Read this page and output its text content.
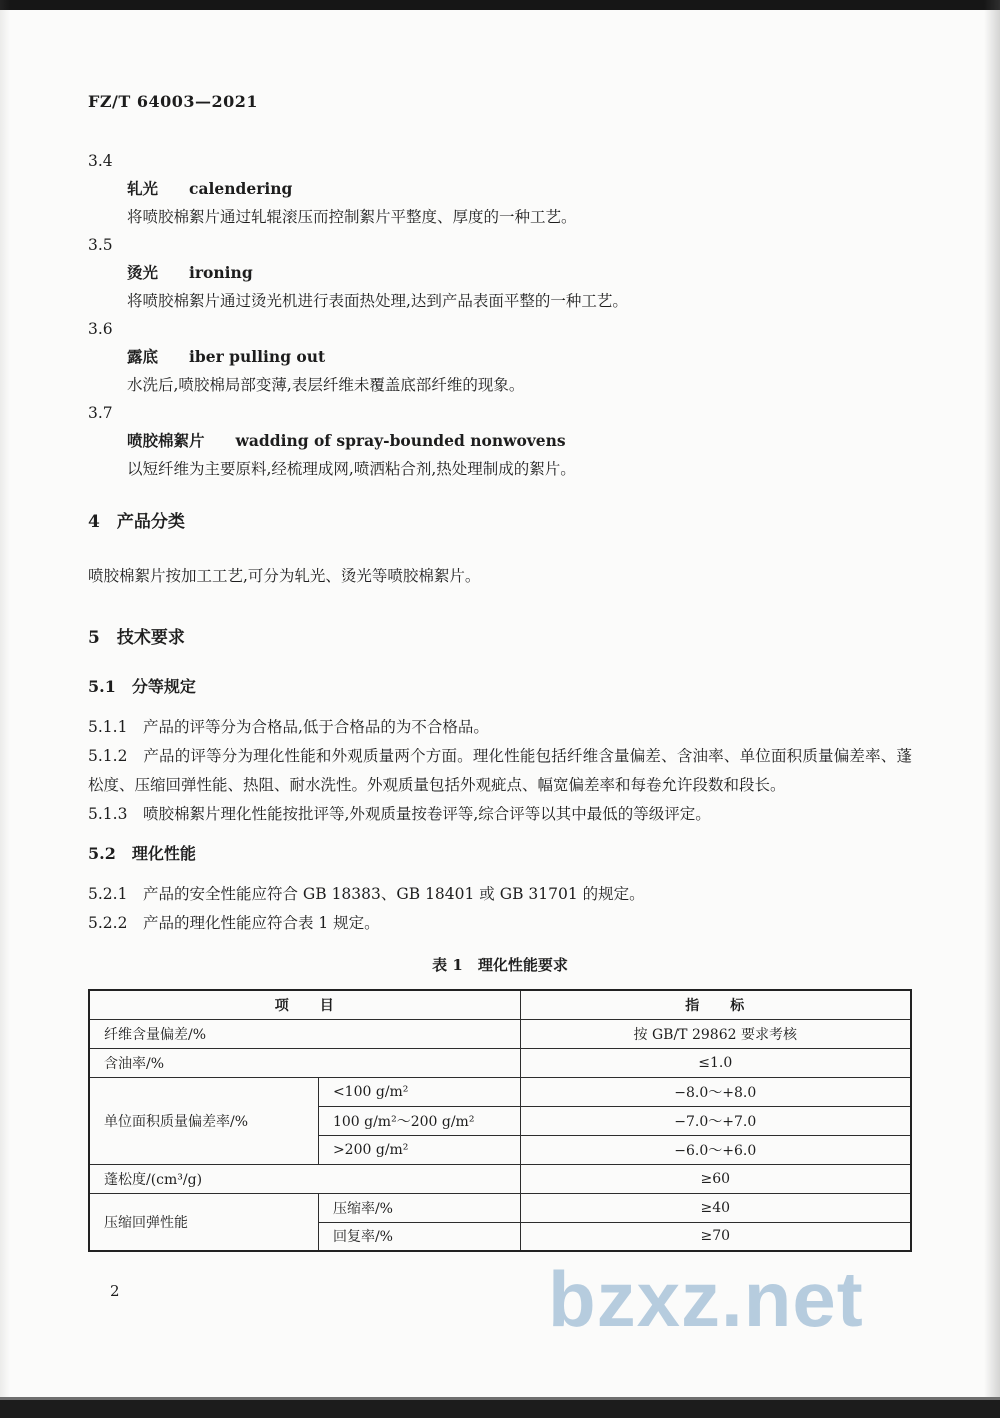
FZ/T 64003—2021
3.4
轧光　　calendering
将喷胶棉絮片通过轧辊滚压而控制絮片平整度、厚度的一种工艺。
3.5
烫光　　ironing
将喷胶棉絮片通过烫光机进行表面热处理,达到产品表面平整的一种工艺。
3.6
露底　　iber pulling out
水洗后,喷胶棉局部变薄,表层纤维未覆盖底部纤维的现象。
3.7
喷胶棉絮片　　wadding of spray-bounded nonwovens
以短纤维为主要原料,经梳理成网,喷洒粘合剂,热处理制成的絮片。
4　产品分类
喷胶棉絮片按加工工艺,可分为轧光、烫光等喷胶棉絮片。
5　技术要求
5.1　分等规定
5.1.1　产品的评等分为合格品,低于合格品的为不合格品。
5.1.2　产品的评等分为理化性能和外观质量两个方面。理化性能包括纤维含量偏差、含油率、单位面积质量偏差率、蓬松度、压缩回弹性能、热阻、耐水洗性。外观质量包括外观疵点、幅宽偏差率和每卷允许段数和段长。
5.1.3　喷胶棉絮片理化性能按批评等,外观质量按卷评等,综合评等以其中最低的等级评定。
5.2　理化性能
5.2.1　产品的安全性能应符合 GB 18383、GB 18401 或 GB 31701 的规定。
5.2.2　产品的理化性能应符合表 1 规定。
表 1　理化性能要求
项　　目		指　　标
纤维含量偏差/%		按 GB/T 29862 要求考核
含油率/%		≤1.0
单位面积质量偏差率/%	<100 g/m²	−8.0～+8.0
	100 g/m²～200 g/m²	−7.0～+7.0
	>200 g/m²	−6.0～+6.0
蓬松度/(cm³/g)		≥60
压缩回弹性能	压缩率/%	≥40
	回复率/%	≥70
2	bzxz.net
